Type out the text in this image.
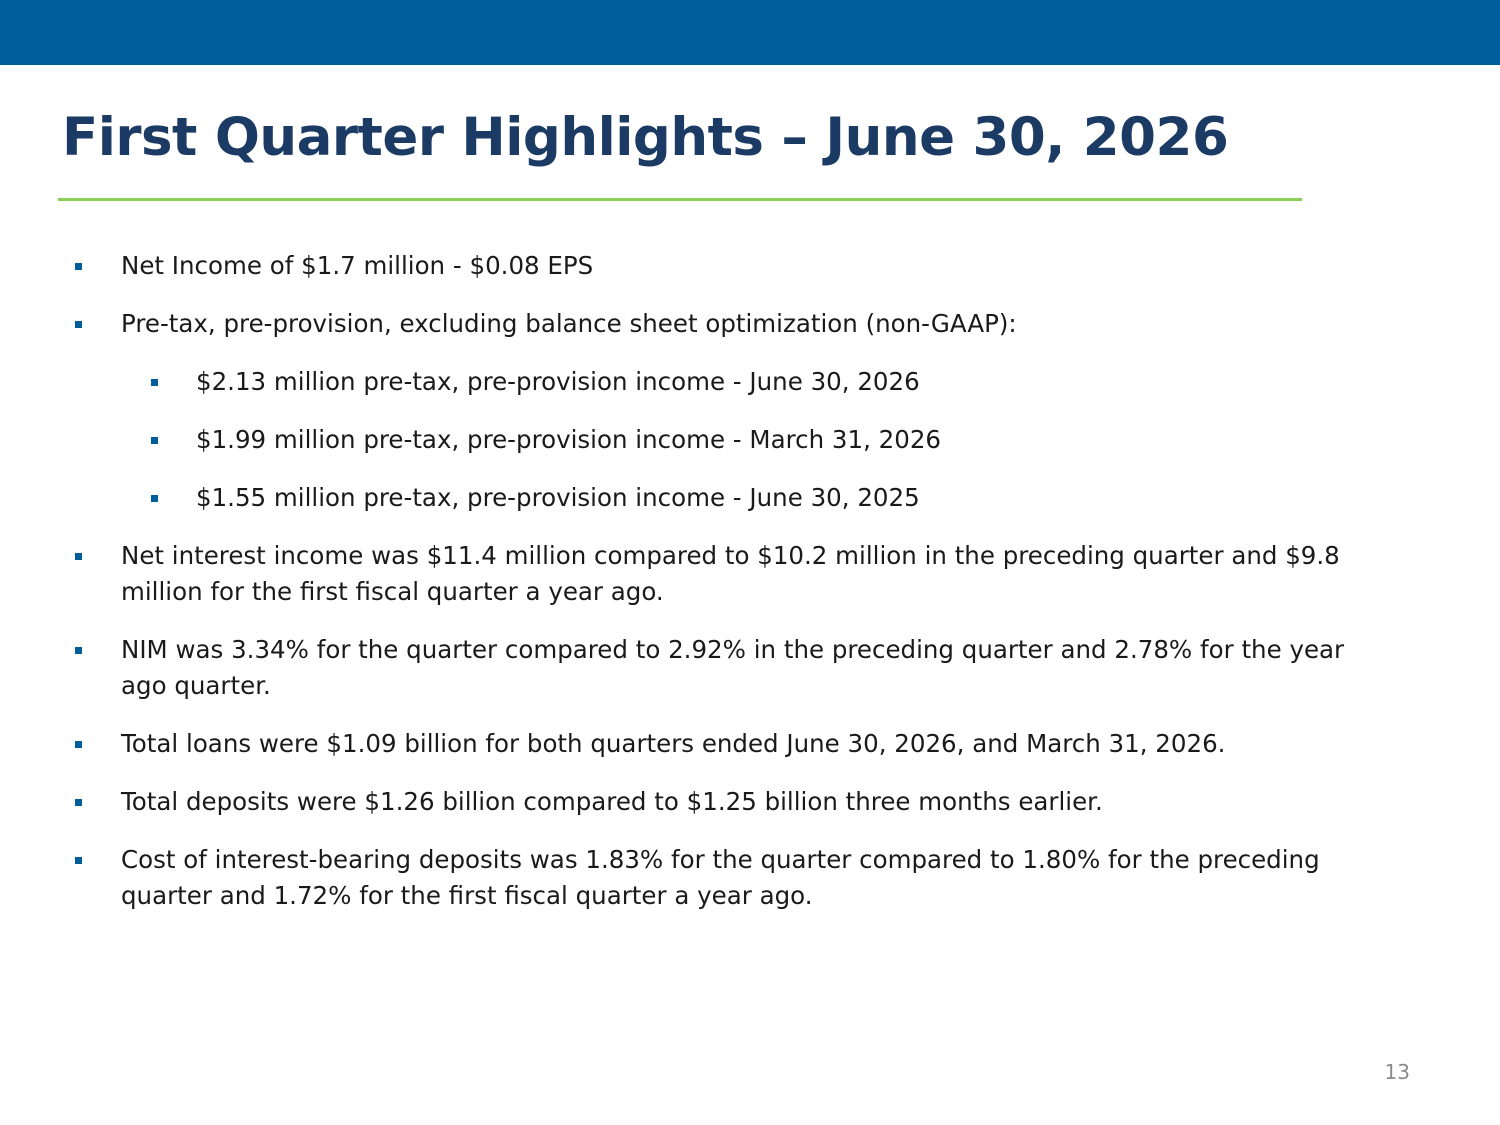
First Quarter Highlights – June 30, 2026
Net Income of $1.7 million - $0.08 EPS
Pre-tax, pre-provision, excluding balance sheet optimization (non-GAAP):
$2.13 million pre-tax, pre-provision income - June 30, 2026
$1.99 million pre-tax, pre-provision income - March 31, 2026
$1.55 million pre-tax, pre-provision income - June 30, 2025
Net interest income was $11.4 million compared to $10.2 million in the preceding quarter and $9.8 million for the first fiscal quarter a year ago.
NIM was 3.34% for the quarter compared to 2.92% in the preceding quarter and 2.78% for the year ago quarter.
Total loans were $1.09 billion for both quarters ended June 30, 2026, and March 31, 2026.
Total deposits were $1.26 billion compared to $1.25 billion three months earlier.
Cost of interest-bearing deposits was 1.83% for the quarter compared to 1.80% for the preceding quarter and 1.72% for the first fiscal quarter a year ago.
13
